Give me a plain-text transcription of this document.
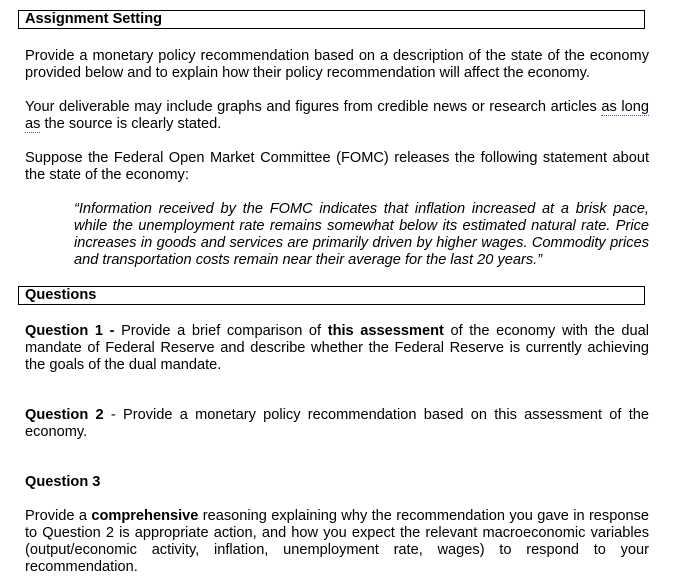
Assignment Setting
Provide a monetary policy recommendation based on a description of the state of the economy provided below and to explain how their policy recommendation will affect the economy.
Your deliverable may include graphs and figures from credible news or research articles as long as the source is clearly stated.
Suppose the Federal Open Market Committee (FOMC) releases the following statement about the state of the economy:
“Information received by the FOMC indicates that inflation increased at a brisk pace, while the unemployment rate remains somewhat below its estimated natural rate. Price increases in goods and services are primarily driven by higher wages. Commodity prices and transportation costs remain near their average for the last 20 years.”
Questions
Question 1 - Provide a brief comparison of this assessment of the economy with the dual mandate of Federal Reserve and describe whether the Federal Reserve is currently achieving the goals of the dual mandate.
Question 2 - Provide a monetary policy recommendation based on this assessment of the economy.
Question 3
Provide a comprehensive reasoning explaining why the recommendation you gave in response to Question 2 is appropriate action, and how you expect the relevant macroeconomic variables (output/economic activity, inflation, unemployment rate, wages) to respond to your recommendation.
